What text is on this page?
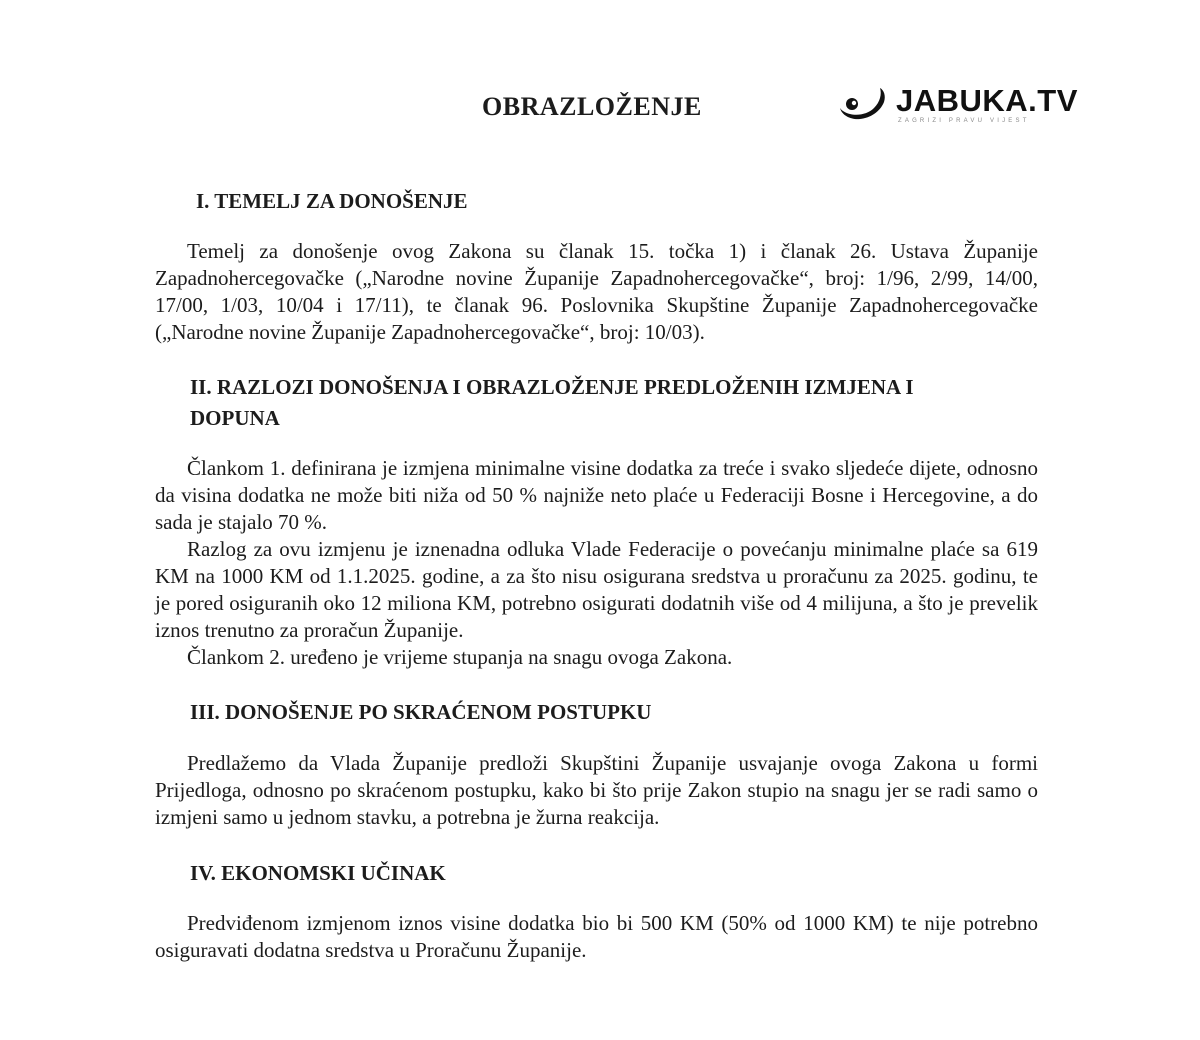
OBRAZLOŽENJE	JABUKA.TV
ZAGRIZI PRAVU VIJEST
I. TEMELJ ZA DONOŠENJE

Temelj za donošenje ovog Zakona su članak 15. točka 1) i članak 26. Ustava Županije Zapadnohercegovačke („Narodne novine Županije Zapadnohercegovačke“, broj: 1/96, 2/99, 14/00, 17/00, 1/03, 10/04 i 17/11), te članak 96. Poslovnika Skupštine Županije Zapadnohercegovačke („Narodne novine Županije Zapadnohercegovačke“, broj: 10/03).

II. RAZLOZI DONOŠENJA I OBRAZLOŽENJE PREDLOŽENIH IZMJENA I
DOPUNA

Člankom 1. definirana je izmjena minimalne visine dodatka za treće i svako sljedeće dijete, odnosno da visina dodatka ne može biti niža od 50 % najniže neto plaće u Federaciji Bosne i Hercegovine, a do sada je stajalo 70 %.

Razlog za ovu izmjenu je iznenadna odluka Vlade Federacije o povećanju minimalne plaće sa 619 KM na 1000 KM od 1.1.2025. godine, a za što nisu osigurana sredstva u proračunu za 2025. godinu, te je pored osiguranih oko 12 miliona KM, potrebno osigurati dodatnih više od 4 milijuna, a što je prevelik iznos trenutno za proračun Županije.

Člankom 2. uređeno je vrijeme stupanja na snagu ovoga Zakona.

III. DONOŠENJE PO SKRAĆENOM POSTUPKU

Predlažemo da Vlada Županije predloži Skupštini Županije usvajanje ovoga Zakona u formi Prijedloga, odnosno po skraćenom postupku, kako bi što prije Zakon stupio na snagu jer se radi samo o izmjeni samo u jednom stavku, a potrebna je žurna reakcija.

IV. EKONOMSKI UČINAK

Predviđenom izmjenom iznos visine dodatka bio bi 500 KM (50% od 1000 KM) te nije potrebno osiguravati dodatna sredstva u Proračunu Županije.
